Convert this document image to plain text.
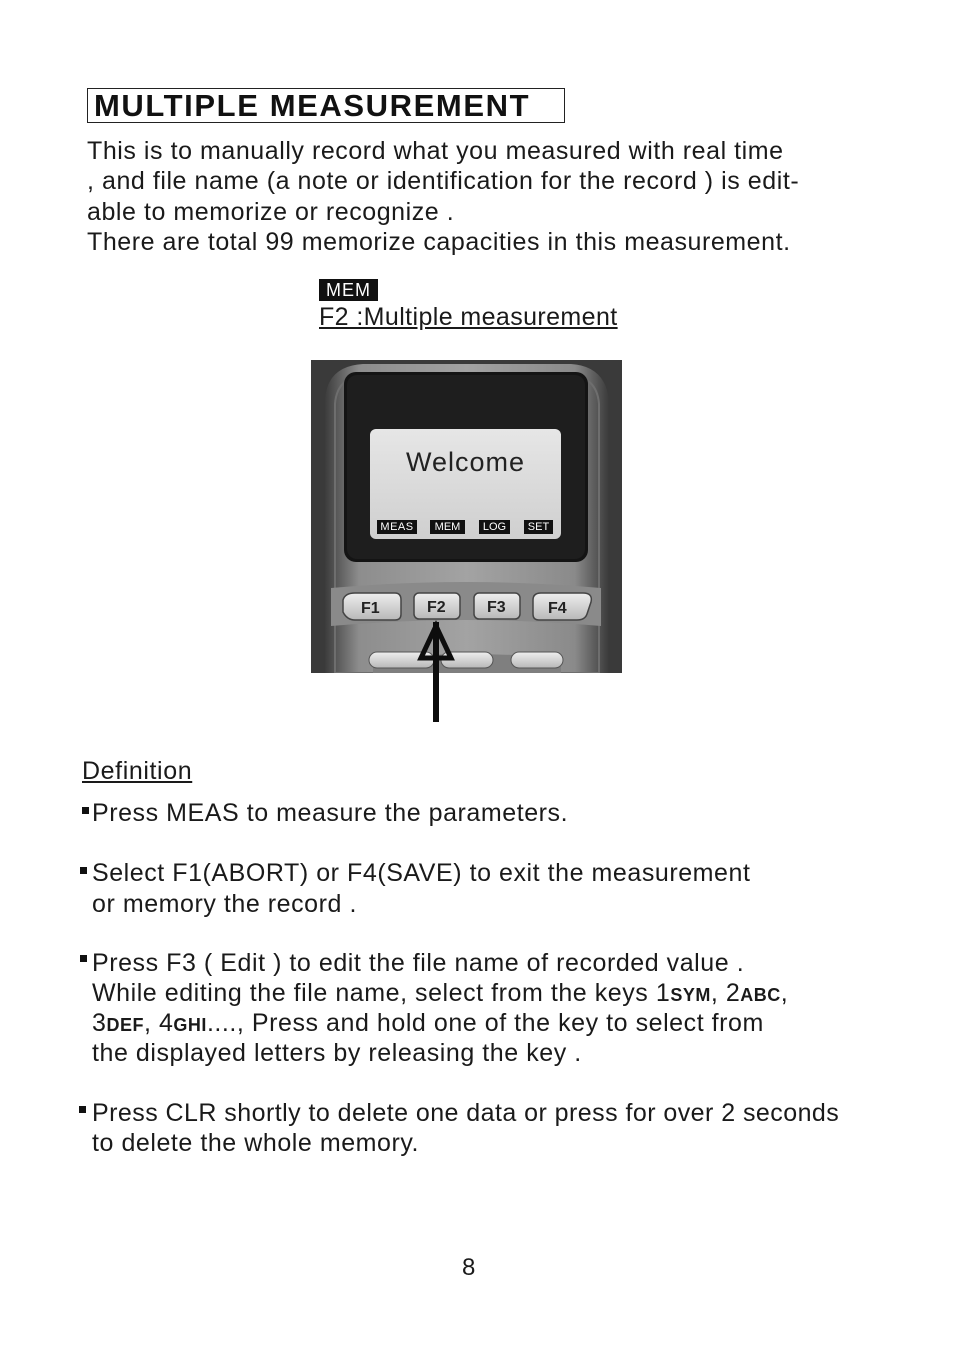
MULTIPLE MEASUREMENT
This is to manually record what you measured with real time
, and file name (a note or identification for the record ) is edit-
able to memorize or recognize .
There are total 99 memorize capacities in this measurement.
MEM
F2 :Multiple measurement
Welcome
MEAS	MEM	LOG	SET
F1	F2	F3	F4
Definition
Press MEAS to measure the parameters.
Select F1(ABORT) or F4(SAVE) to exit the measurement
or memory the record .
Press F3 ( Edit ) to edit the file name of recorded value .
While editing the file name, select from the keys 1SYM, 2ABC,
3DEF, 4GHI...., Press and hold one of the key to select from
the displayed letters by releasing the key .
Press CLR shortly to delete one data or press for over 2 seconds
to delete the whole memory.
8
